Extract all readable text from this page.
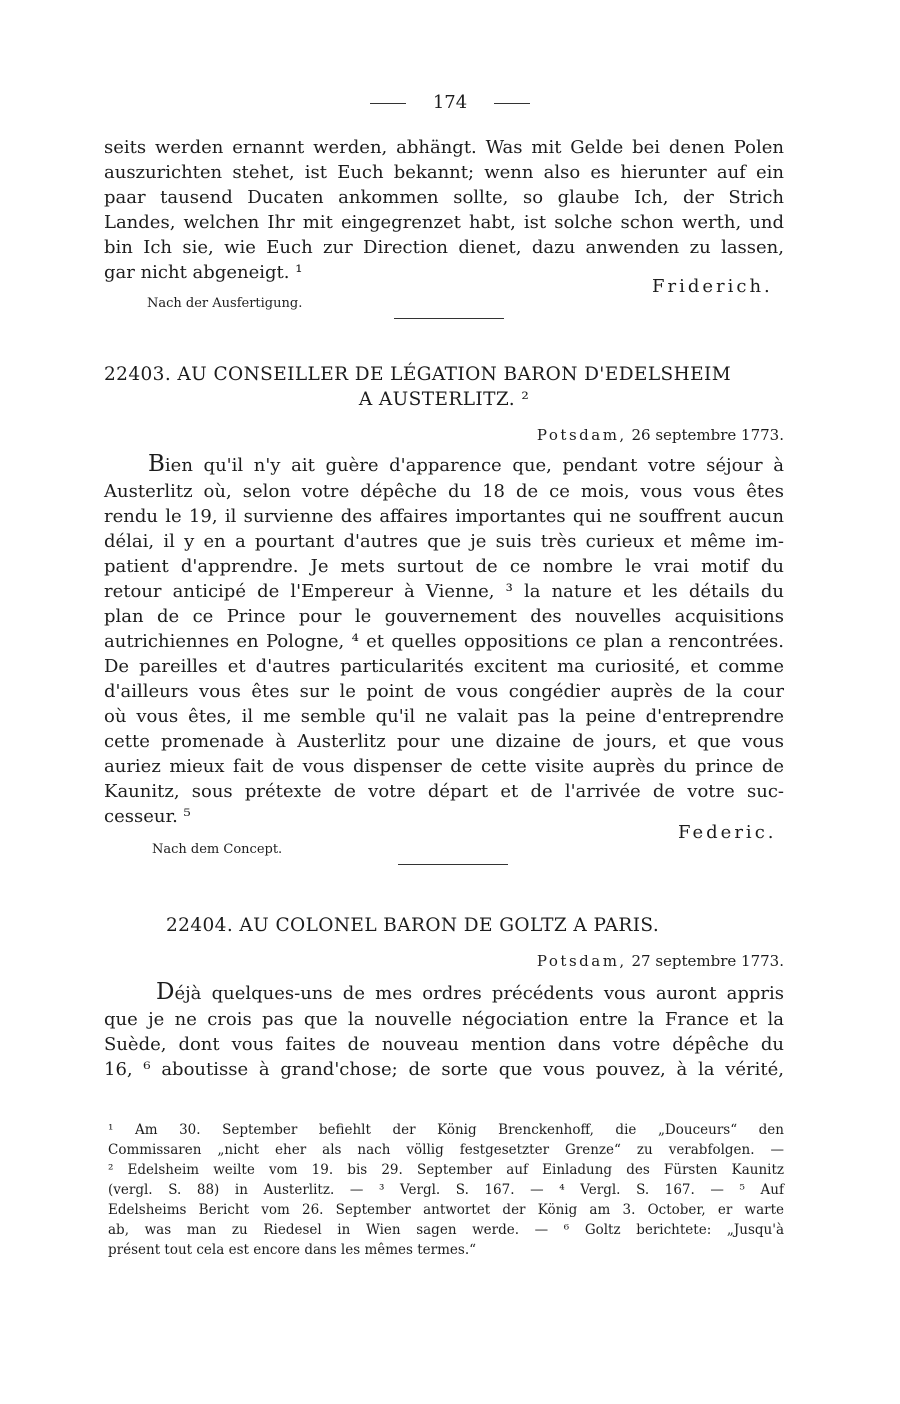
174
seits werden ernannt werden, abhängt. Was mit Gelde bei denen Polen
auszurichten stehet, ist Euch bekannt; wenn also es hierunter auf ein
paar tausend Ducaten ankommen sollte, so glaube Ich, der Strich
Landes, welchen Ihr mit eingegrenzet habt, ist solche schon werth, und
bin Ich sie, wie Euch zur Direction dienet, dazu anwenden zu lassen,
gar nicht abgeneigt. ¹
Friderich.
Nach der Ausfertigung.
22403. AU CONSEILLER DE LÉGATION BARON D'EDELSHEIM
A AUSTERLITZ. ²
Potsdam, 26 septembre 1773.
Bien qu'il n'y ait guère d'apparence que, pendant votre séjour à
Austerlitz où, selon votre dépêche du 18 de ce mois, vous vous êtes
rendu le 19, il survienne des affaires importantes qui ne souffrent aucun
délai, il y en a pourtant d'autres que je suis très curieux et même im-
patient d'apprendre. Je mets surtout de ce nombre le vrai motif du
retour anticipé de l'Empereur à Vienne, ³ la nature et les détails du
plan de ce Prince pour le gouvernement des nouvelles acquisitions
autrichiennes en Pologne, ⁴ et quelles oppositions ce plan a rencontrées.
De pareilles et d'autres particularités excitent ma curiosité, et comme
d'ailleurs vous êtes sur le point de vous congédier auprès de la cour
où vous êtes, il me semble qu'il ne valait pas la peine d'entreprendre
cette promenade à Austerlitz pour une dizaine de jours, et que vous
auriez mieux fait de vous dispenser de cette visite auprès du prince de
Kaunitz, sous prétexte de votre départ et de l'arrivée de votre suc-
cesseur. ⁵
Federic.
Nach dem Concept.
22404. AU COLONEL BARON DE GOLTZ A PARIS.
Potsdam, 27 septembre 1773.
Déjà quelques-uns de mes ordres précédents vous auront appris
que je ne crois pas que la nouvelle négociation entre la France et la
Suède, dont vous faites de nouveau mention dans votre dépêche du
16, ⁶ aboutisse à grand'chose; de sorte que vous pouvez, à la vérité,
¹ Am 30. September befiehlt der König Brenckenhoff, die „Douceurs“ den
Commissaren „nicht eher als nach völlig festgesetzter Grenze“ zu verabfolgen. —
² Edelsheim weilte vom 19. bis 29. September auf Einladung des Fürsten Kaunitz
(vergl. S. 88) in Austerlitz. — ³ Vergl. S. 167. — ⁴ Vergl. S. 167. — ⁵ Auf
Edelsheims Bericht vom 26. September antwortet der König am 3. October, er warte
ab, was man zu Riedesel in Wien sagen werde. — ⁶ Goltz berichtete: „Jusqu'à
présent tout cela est encore dans les mêmes termes.“
